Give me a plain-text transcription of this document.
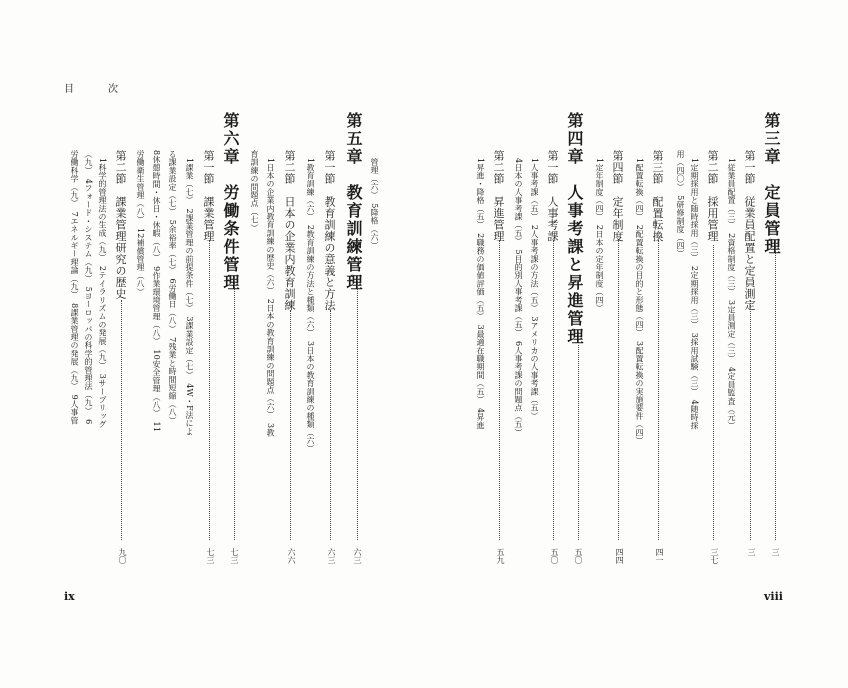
目　次
ix	viii
第三章　定員管理
三
第一節　従業員配置と定員測定
三
1従業員配置（三）　2資格制度（三）　3定員測定（三）　4定員監査（元）
第二節　採用管理
三七
1定期採用と随時採用（三）　2定期採用（三）　3採用試験（三）　4随時採
用（四〇）　5研修制度（四）
第三節　配置転換
四一
1配置転換（四）　2配置転換の目的と形態（四）　3配置転換の実施要件（四）
第四節　定年制度
四四
1定年制度（四）　2日本の定年制度（四）
第四章　人事考課と昇進管理
五〇
第一節　人事考課
五〇
1人事考課（五）　2人事考課の方法（五）　3アメリカの人事考課（五）
4日本の人事考課（五）　5目的別人事考課（五）　6人事考課の問題点（五）
第二節　昇進管理
五九
1昇進・降格（五）　2職務の価値評価（五）　3最適在職期間（五）　4昇進
管理（六）　5降格（六）
第五章　教育訓練管理
六三
第一節　教育訓練の意義と方法
六三
1教育訓練（六）　2教育訓練の方法と種類（六）　3日本の教育訓練の種類（六）
第二節　日本の企業内教育訓練
六六
1日本の企業内教育訓練の歴史（六）　2日本の教育訓練の問題点（六）　3教
育訓練の問題点（七）
第六章　労働条件管理
七三
第一節　課業管理
七三
1課業（七）　2課業管理の前提条件（七）　3課業設定（七）　4W・F法によ
る課業設定（七）　5余裕率（七）　6労働日（八）　7残業と時間短縮（八）
8休憩時間・休日・休暇（八）　9作業環境管理（八）　10安全管理（八）　11
労働衛生管理（八）　12補償管理（八）
第二節　課業管理研究の歴史
九〇
1科学的管理法の生成（九）　2テイラリズムの発展（九）　3サーブリッグ
（九）　4フォード・システム（九）　5ヨーロッパの科学的管理法（九）　6
労働科学（九）　7エネルギー理論（九）　8課業管理の発展（九）　9人事管
